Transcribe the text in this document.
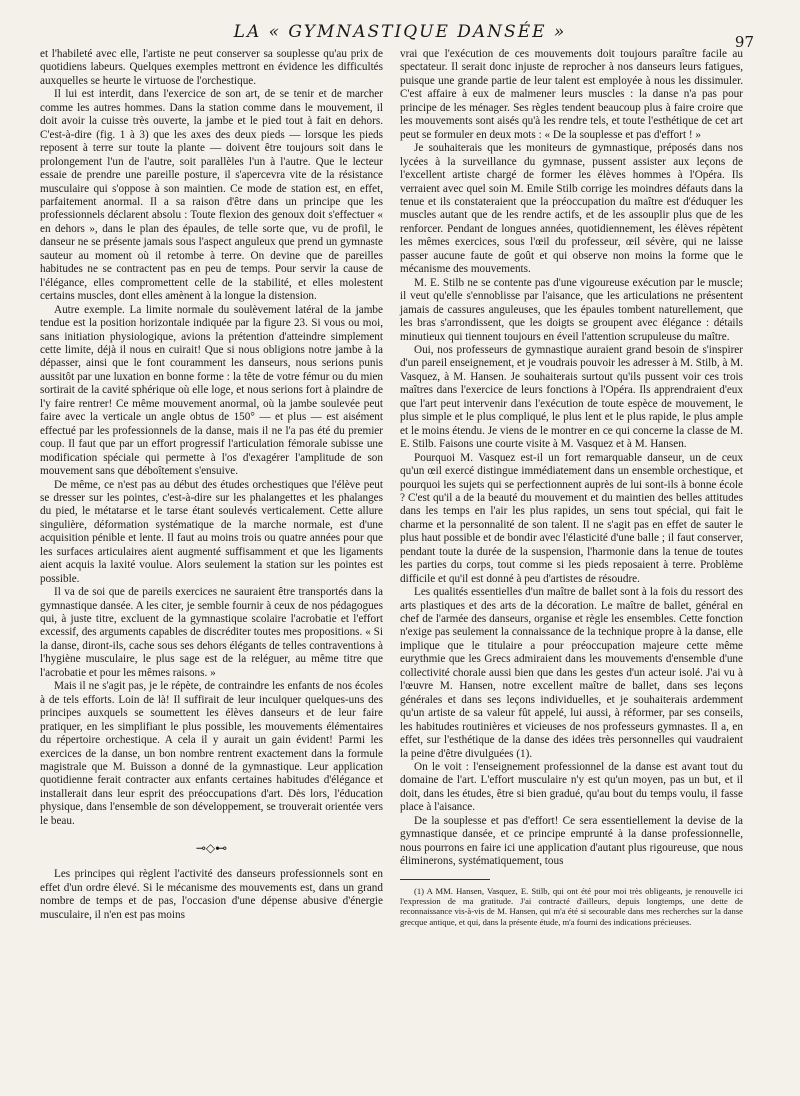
LA « GYMNASTIQUE DANSÉE »	97

et l'habileté avec elle, l'artiste ne peut conserver sa souplesse qu'au prix de quotidiens labeurs. Quelques exemples mettront en évidence les difficultés auxquelles se heurte le virtuose de l'orchestique.

Il lui est interdit, dans l'exercice de son art, de se tenir et de marcher comme les autres hommes. Dans la station comme dans le mouvement, il doit avoir la cuisse très ouverte, la jambe et le pied tout à fait en dehors. C'est-à-dire (fig. 1 à 3) que les axes des deux pieds — lorsque les pieds reposent à terre sur toute la plante — doivent être toujours soit dans le prolongement l'un de l'autre, soit parallèles l'un à l'autre. Que le lecteur essaie de prendre une pareille posture, il s'apercevra vite de la résistance musculaire qui s'oppose à son maintien. Ce mode de station est, en effet, parfaitement anormal. Il a sa raison d'être dans un principe que les professionnels déclarent absolu : Toute flexion des genoux doit s'effectuer « en dehors », dans le plan des épaules, de telle sorte que, vu de profil, le danseur ne se présente jamais sous l'aspect anguleux que prend un gymnaste sauteur au moment où il retombe à terre. On devine que de pareilles habitudes ne se contractent pas en peu de temps. Pour servir la cause de l'élégance, elles compromettent celle de la stabilité, et elles molestent certains muscles, dont elles amènent à la longue la distension.

Autre exemple. La limite normale du soulèvement latéral de la jambe tendue est la position horizontale indiquée par la figure 23. Si vous ou moi, sans initiation physiologique, avions la prétention d'atteindre simplement cette limite, déjà il nous en cuirait! Que si nous obligions notre jambe à la dépasser, ainsi que le font couramment les danseurs, nous serions punis aussitôt par une luxation en bonne forme : la tête de votre fémur ou du mien sortirait de la cavité sphérique où elle loge, et nous serions fort à plaindre de l'y faire rentrer! Ce même mouvement anormal, où la jambe soulevée peut faire avec la verticale un angle obtus de 150° — et plus — est aisément effectué par les professionnels de la danse, mais il ne l'a pas été du premier coup. Il faut que par un effort progressif l'articulation fémorale subisse une modification spéciale qui permette à l'os d'exagérer l'amplitude de son mouvement sans que déboîtement s'ensuive.

De même, ce n'est pas au début des études orchestiques que l'élève peut se dresser sur les pointes, c'est-à-dire sur les phalangettes et les phalanges du pied, le métatarse et le tarse étant soulevés verticalement. Cette allure singulière, déformation systématique de la marche normale, est d'une acquisition pénible et lente. Il faut au moins trois ou quatre années pour que les surfaces articulaires aient augmenté suffisamment et que les ligaments aient acquis la laxité voulue. Alors seulement la station sur les pointes est possible.

Il va de soi que de pareils exercices ne sauraient être transportés dans la gymnastique dansée. A les citer, je semble fournir à ceux de nos pédagogues qui, à juste titre, excluent de la gymnastique scolaire l'acrobatie et l'effort excessif, des arguments capables de discréditer toutes mes propositions. « Si la danse, diront-ils, cache sous ses dehors élégants de telles contraventions à l'hygiène musculaire, le plus sage est de la reléguer, au même titre que l'acrobatie et pour les mêmes raisons. »

Mais il ne s'agit pas, je le répète, de contraindre les enfants de nos écoles à de tels efforts. Loin de là! Il suffirait de leur inculquer quelques-uns des principes auxquels se soumettent les élèves danseurs et de leur faire pratiquer, en les simplifiant le plus possible, les mouvements élémentaires du répertoire orchestique. A cela il y aurait un gain évident! Parmi les exercices de la danse, un bon nombre rentrent exactement dans la formule magistrale que M. Buisson a donné de la gymnastique. Leur application quotidienne ferait contracter aux enfants certaines habitudes d'élégance et installerait dans leur esprit des préoccupations d'art. Dès lors, l'éducation physique, dans l'ensemble de son développement, se trouverait orientée vers le beau.

⊸◇⊷

Les principes qui règlent l'activité des danseurs professionnels sont en effet d'un ordre élevé. Si le mécanisme des mouvements est, dans un grand nombre de temps et de pas, l'occasion d'une dépense abusive d'énergie musculaire, il n'en est pas moins

vrai que l'exécution de ces mouvements doit toujours paraître facile au spectateur. Il serait donc injuste de reprocher à nos danseurs leurs fatigues, puisque une grande partie de leur talent est employée à nous les dissimuler. C'est affaire à eux de malmener leurs muscles : la danse n'a pas pour principe de les ménager. Ses règles tendent beaucoup plus à faire croire que les mouvements sont aisés qu'à les rendre tels, et toute l'esthétique de cet art peut se formuler en deux mots : « De la souplesse et pas d'effort ! »

Je souhaiterais que les moniteurs de gymnastique, préposés dans nos lycées à la surveillance du gymnase, pussent assister aux leçons de l'excellent artiste chargé de former les élèves hommes à l'Opéra. Ils verraient avec quel soin M. Emile Stilb corrige les moindres défauts dans la tenue et ils constateraient que la préoccupation du maître est d'éduquer les muscles autant que de les rendre actifs, et de les assouplir plus que de les renforcer. Pendant de longues années, quotidiennement, les élèves répètent les mêmes exercices, sous l'œil du professeur, œil sévère, qui ne laisse passer aucune faute de goût et qui observe non moins la forme que le mécanisme des mouvements.

M. E. Stilb ne se contente pas d'une vigoureuse exécution par le muscle; il veut qu'elle s'ennoblisse par l'aisance, que les articulations ne présentent jamais de cassures anguleuses, que les épaules tombent naturellement, que les bras s'arrondissent, que les doigts se groupent avec élégance : détails minutieux qui tiennent toujours en éveil l'attention scrupuleuse du maître.

Oui, nos professeurs de gymnastique auraient grand besoin de s'inspirer d'un pareil enseignement, et je voudrais pouvoir les adresser à M. Stilb, à M. Vasquez, à M. Hansen. Je souhaiterais surtout qu'ils pussent voir ces trois maîtres dans l'exercice de leurs fonctions à l'Opéra. Ils apprendraient d'eux que l'art peut intervenir dans l'exécution de toute espèce de mouvement, le plus simple et le plus compliqué, le plus lent et le plus rapide, le plus ample et le moins étendu. Je viens de le montrer en ce qui concerne la classe de M. E. Stilb. Faisons une courte visite à M. Vasquez et à M. Hansen.

Pourquoi M. Vasquez est-il un fort remarquable danseur, un de ceux qu'un œil exercé distingue immédiatement dans un ensemble orchestique, et pourquoi les sujets qui se perfectionnent auprès de lui sont-ils à bonne école ? C'est qu'il a de la beauté du mouvement et du maintien des belles attitudes dans les temps en l'air les plus rapides, un sens tout spécial, qui fait le charme et la personnalité de son talent. Il ne s'agit pas en effet de sauter le plus haut possible et de bondir avec l'élasticité d'une balle ; il faut conserver, pendant toute la durée de la suspension, l'harmonie dans la tenue de toutes les parties du corps, tout comme si les pieds reposaient à terre. Problème difficile et qu'il est donné à peu d'artistes de résoudre.

Les qualités essentielles d'un maître de ballet sont à la fois du ressort des arts plastiques et des arts de la décoration. Le maître de ballet, général en chef de l'armée des danseurs, organise et règle les ensembles. Cette fonction n'exige pas seulement la connaissance de la technique propre à la danse, elle implique que le titulaire a pour préoccupation majeure cette même eurythmie que les Grecs admiraient dans les mouvements d'ensemble d'une collectivité chorale aussi bien que dans les gestes d'un acteur isolé. J'ai vu à l'œuvre M. Hansen, notre excellent maître de ballet, dans ses leçons générales et dans ses leçons individuelles, et je souhaiterais ardemment qu'un artiste de sa valeur fût appelé, lui aussi, à réformer, par ses conseils, les habitudes routinières et vicieuses de nos professeurs gymnastes. Il a, en effet, sur l'esthétique de la danse des idées très personnelles qui vaudraient la peine d'être divulguées (1).

On le voit : l'enseignement professionnel de la danse est avant tout du domaine de l'art. L'effort musculaire n'y est qu'un moyen, pas un but, et il doit, dans les études, être si bien gradué, qu'au bout du temps voulu, il fasse place à l'aisance.

De la souplesse et pas d'effort! Ce sera essentiellement la devise de la gymnastique dansée, et ce principe emprunté à la danse professionnelle, nous pourrons en faire ici une application d'autant plus rigoureuse, que nous éliminerons, systématiquement, tous

(1) A MM. Hansen, Vasquez, E. Stilb, qui ont été pour moi très obligeants, je renouvelle ici l'expression de ma gratitude. J'ai contracté d'ailleurs, depuis longtemps, une dette de reconnaissance vis-à-vis de M. Hansen, qui m'a été si secourable dans mes recherches sur la danse grecque antique, et qui, dans la présente étude, m'a fourni des indications précieuses.
